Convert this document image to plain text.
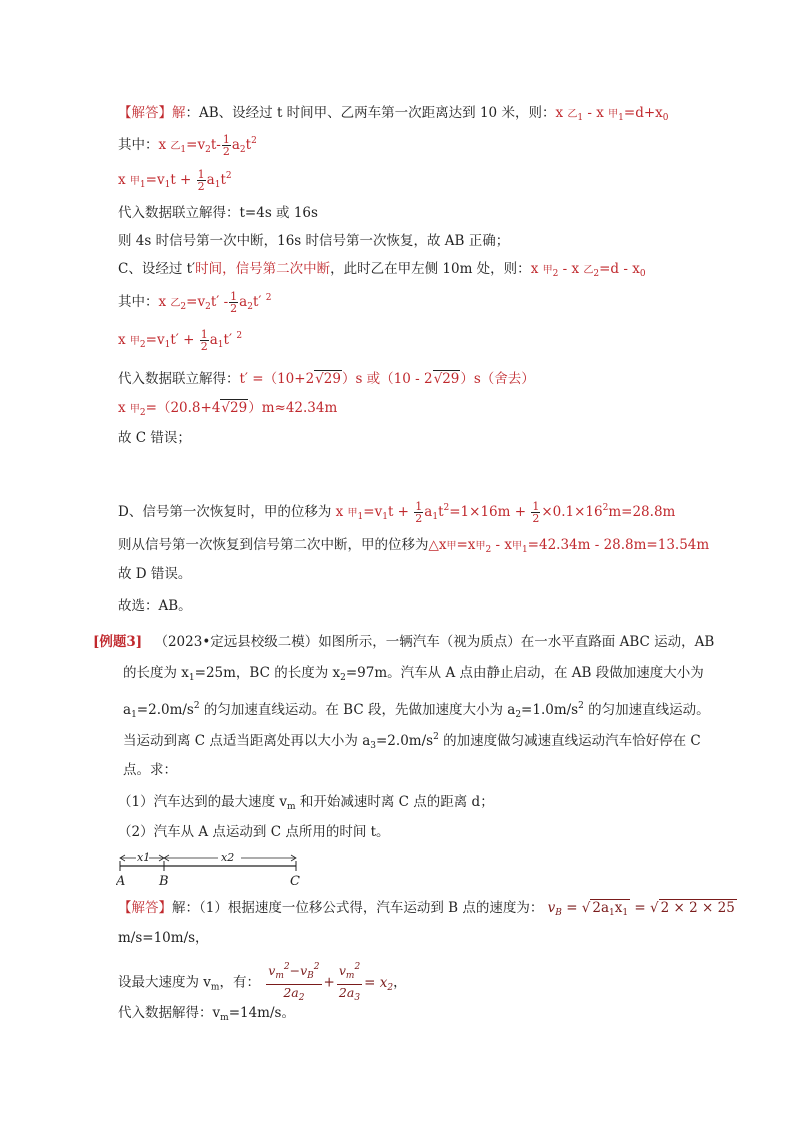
【解答】解：AB、设经过 t 时间甲、乙两车第一次距离达到 10 米，则：x 乙$_1$ - x 甲$_1=d+x_0$
其中：x 乙$_1=v_2t- \frac{1}{2} a_2t^2$
x 甲$_1=v_1t + \frac{1}{2} a_1t^2$
代入数据联立解得：t=4s 或 16s
则 4s 时信号第一次中断，16s 时信号第一次恢复，故 AB 正确；
C、设经过 t′时间，信号第二次中断，此时乙在甲左侧 10m 处，则：x 甲$_2$ - x 乙$_2=d - x_0$
其中：x 乙$_2=v_2t' - \frac{1}{2} a_2t'$ $^2$
x 甲$_2=v_1t' + \frac{1}{2} a_1t'$ $^2$
代入数据联立解得：t′ =（10+2√29）s 或（10 - 2√29）s（舍去）
x 甲$_2$=（20.8+4√29）m≈42.34m
故 C 错误；
D、信号第一次恢复时，甲的位移为 x 甲$_1=v_1t + \frac{1}{2} a_1t^2=1\times 16m + \frac{1}{2} \times 0.1\times 16^2m=28.8m$
则从信号第一次恢复到信号第二次中断，甲的位移为△x甲=x甲$_2$ - x甲$_1$=42.34m - 28.8m=13.54m
故 D 错误。
故选：AB。
[例题3] （2023•定远县校级二模）如图所示，一辆汽车（视为质点）在一水平直路面 ABC 运动，AB
的长度为 $x_1=25m$，BC 的长度为 $x_2=97m$。汽车从 A 点由静止启动，在 AB 段做加速度大小为
$a_1=2.0m/s^2$ 的匀加速直线运动。在 BC 段，先做加速度大小为 $a_2=1.0m/s^2$ 的匀加速直线运动。
当运动到离 C 点适当距离处再以大小为 $a_3=2.0m/s^2$ 的加速度做匀减速直线运动汽车恰好停在 C
点。求：
（1）汽车达到的最大速度 $v_m$ 和开始减速时离 C 点的距离 d；
（2）汽车从 A 点运动到 C 点所用的时间 t。
x1	x2
A	B	C
【解答】解：（1）根据速度一位移公式得，汽车运动到 B 点的速度为： $v_B$ = √ $2a_1x_1$ = √ 2 × 2 × 25
m/s=10m/s，
设最大速度为 $v_m$，有： $\frac{v_m^2-v_B^2}{2a_2} + \frac{v_m^2}{2a_3} = x_2$，
代入数据解得：$v_m=14m/s$。
